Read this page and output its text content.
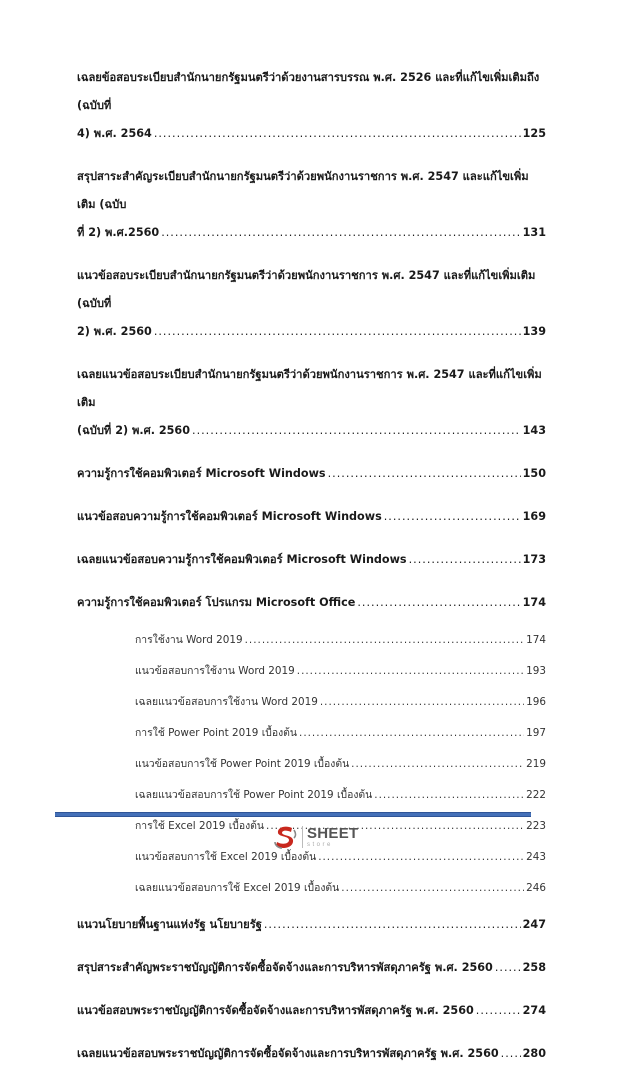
เฉลยข้อสอบระเบียบสำนักนายกรัฐมนตรีว่าด้วยงานสารบรรณ พ.ศ. 2526 และที่แก้ไขเพิ่มเติมถึง (ฉบับที่
4) พ.ศ. 2564 .....	125
สรุปสาระสำคัญระเบียบสำนักนายกรัฐมนตรีว่าด้วยพนักงานราชการ พ.ศ. 2547 และแก้ไขเพิ่มเติม (ฉบับ
ที่ 2) พ.ศ.2560 .....	131
แนวข้อสอบระเบียบสำนักนายกรัฐมนตรีว่าด้วยพนักงานราชการ พ.ศ. 2547 และที่แก้ไขเพิ่มเติม (ฉบับที่
2) พ.ศ. 2560 .....	139
เฉลยแนวข้อสอบระเบียบสำนักนายกรัฐมนตรีว่าด้วยพนักงานราชการ พ.ศ. 2547 และที่แก้ไขเพิ่มเติม
(ฉบับที่ 2) พ.ศ. 2560 .....	143
ความรู้การใช้คอมพิวเตอร์ Microsoft Windows .....	150
แนวข้อสอบความรู้การใช้คอมพิวเตอร์ Microsoft Windows .....	169
เฉลยแนวข้อสอบความรู้การใช้คอมพิวเตอร์ Microsoft Windows .....	173
ความรู้การใช้คอมพิวเตอร์ โปรแกรม Microsoft Office .....	174
การใช้งาน Word 2019 .....	174
แนวข้อสอบการใช้งาน Word 2019 .....	193
เฉลยแนวข้อสอบการใช้งาน Word 2019 .....	196
การใช้ Power Point 2019 เบื้องต้น .....	197
แนวข้อสอบการใช้ Power Point 2019 เบื้องต้น .....	219
เฉลยแนวข้อสอบการใช้ Power Point 2019 เบื้องต้น .....	222
การใช้ Excel 2019 เบื้องต้น .....	223
แนวข้อสอบการใช้ Excel 2019 เบื้องต้น .....	243
เฉลยแนวข้อสอบการใช้ Excel 2019 เบื้องต้น .....	246
แนวนโยบายพื้นฐานแห่งรัฐ นโยบายรัฐ .....	247
สรุปสาระสำคัญพระราชบัญญัติการจัดซื้อจัดจ้างและการบริหารพัสดุภาครัฐ พ.ศ. 2560 .....	258
แนวข้อสอบพระราชบัญญัติการจัดซื้อจัดจ้างและการบริหารพัสดุภาครัฐ พ.ศ. 2560 .....	274
เฉลยแนวข้อสอบพระราชบัญญัติการจัดซื้อจัดจ้างและการบริหารพัสดุภาครัฐ พ.ศ. 2560 ..... 280
SHEET
store
